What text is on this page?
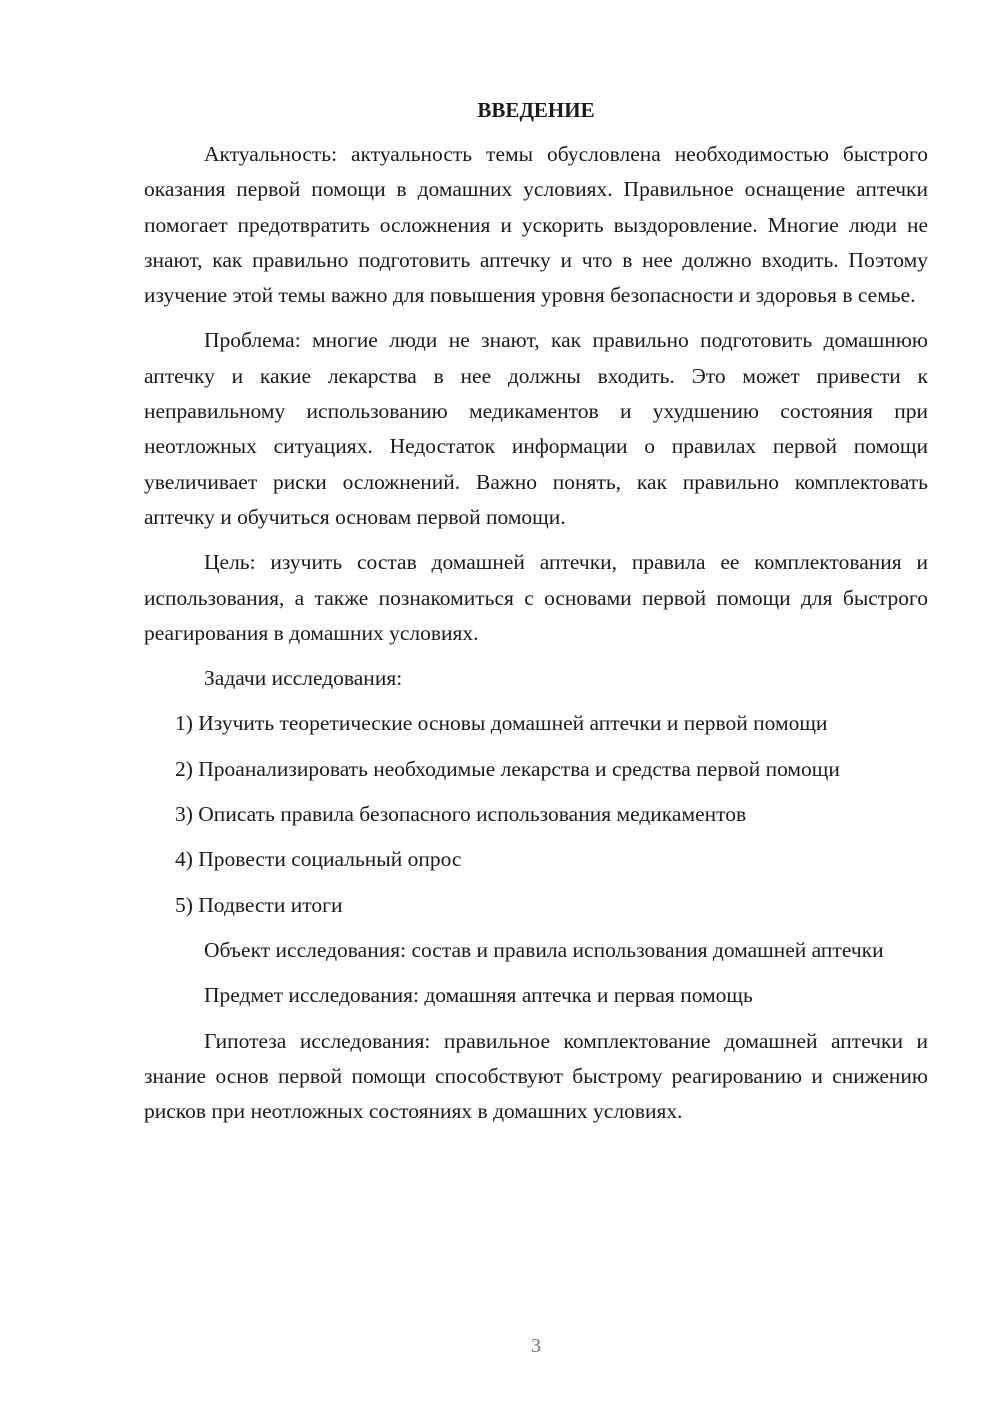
ВВЕДЕНИЕ

Актуальность: актуальность темы обусловлена необходимостью быстрого оказания первой помощи в домашних условиях. Правильное оснащение аптечки помогает предотвратить осложнения и ускорить выздоровление. Многие люди не знают, как правильно подготовить аптечку и что в нее должно входить. Поэтому изучение этой темы важно для повышения уровня безопасности и здоровья в семье.

Проблема: многие люди не знают, как правильно подготовить домашнюю аптечку и какие лекарства в нее должны входить. Это может привести к неправильному использованию медикаментов и ухудшению состояния при неотложных ситуациях. Недостаток информации о правилах первой помощи увеличивает риски осложнений. Важно понять, как правильно комплектовать аптечку и обучиться основам первой помощи.

Цель: изучить состав домашней аптечки, правила ее комплектования и использования, а также познакомиться с основами первой помощи для быстрого реагирования в домашних условиях.

Задачи исследования:

1) Изучить теоретические основы домашней аптечки и первой помощи

2) Проанализировать необходимые лекарства и средства первой помощи

3) Описать правила безопасного использования медикаментов

4) Провести социальный опрос

5) Подвести итоги

Объект исследования: состав и правила использования домашней аптечки

Предмет исследования: домашняя аптечка и первая помощь

Гипотеза исследования: правильное комплектование домашней аптечки и знание основ первой помощи способствуют быстрому реагированию и снижению рисков при неотложных состояниях в домашних условиях.

3
